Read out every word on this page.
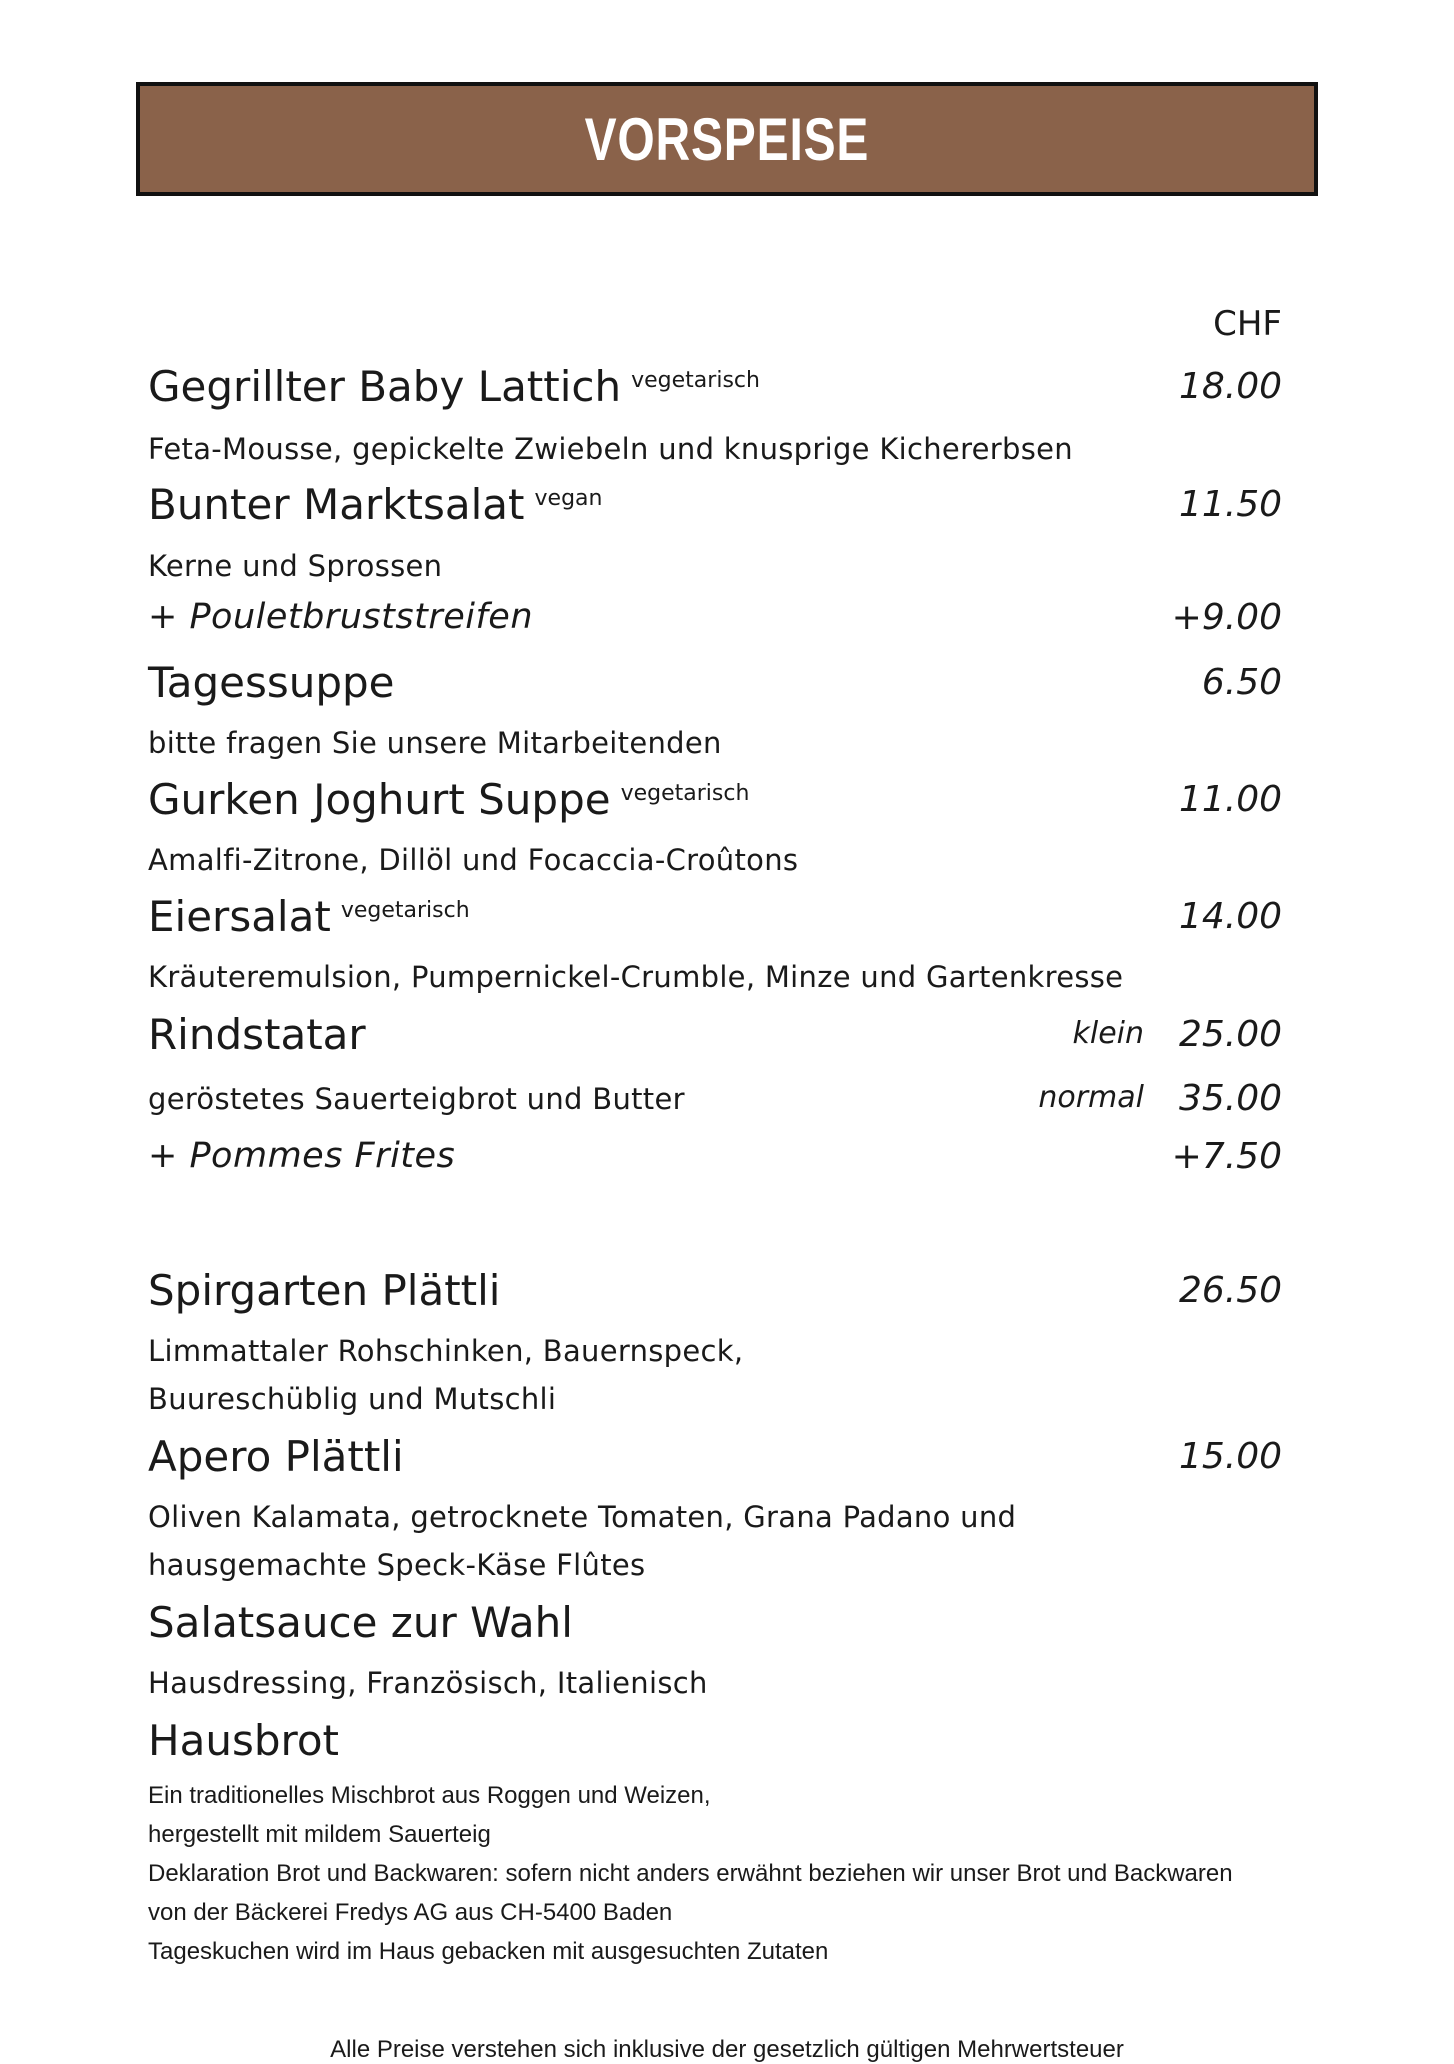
VORSPEISE
CHF
Gegrillter Baby Lattich $^{vegetarisch}$	18.00
Feta-Mousse, gepickelte Zwiebeln und knusprige Kichererbsen
Bunter Marktsalat $^{vegan}$	11.50
Kerne und Sprossen
+ Pouletbruststreifen	+9.00
Tagessuppe	6.50
bitte fragen Sie unsere Mitarbeitenden
Gurken Joghurt Suppe $^{vegetarisch}$	11.00
Amalfi-Zitrone, Dillöl und Focaccia-Croûtons
Eiersalat $^{vegetarisch}$	14.00
Kräuteremulsion, Pumpernickel-Crumble, Minze und Gartenkresse
Rindstatar	klein 25.00
geröstetes Sauerteigbrot und Butter	normal 35.00
+ Pommes Frites	+7.50
Spirgarten Plättli	26.50
Limmattaler Rohschinken, Bauernspeck,
Buureschüblig und Mutschli
Apero Plättli	15.00
Oliven Kalamata, getrocknete Tomaten, Grana Padano und
hausgemachte Speck-Käse Flûtes
Salatsauce zur Wahl
Hausdressing, Französisch, Italienisch
Hausbrot
Ein traditionelles Mischbrot aus Roggen und Weizen,
hergestellt mit mildem Sauerteig
Deklaration Brot und Backwaren: sofern nicht anders erwähnt beziehen wir unser Brot und Backwaren
von der Bäckerei Fredys AG aus CH-5400 Baden
Tageskuchen wird im Haus gebacken mit ausgesuchten Zutaten
Alle Preise verstehen sich inklusive der gesetzlich gültigen Mehrwertsteuer
